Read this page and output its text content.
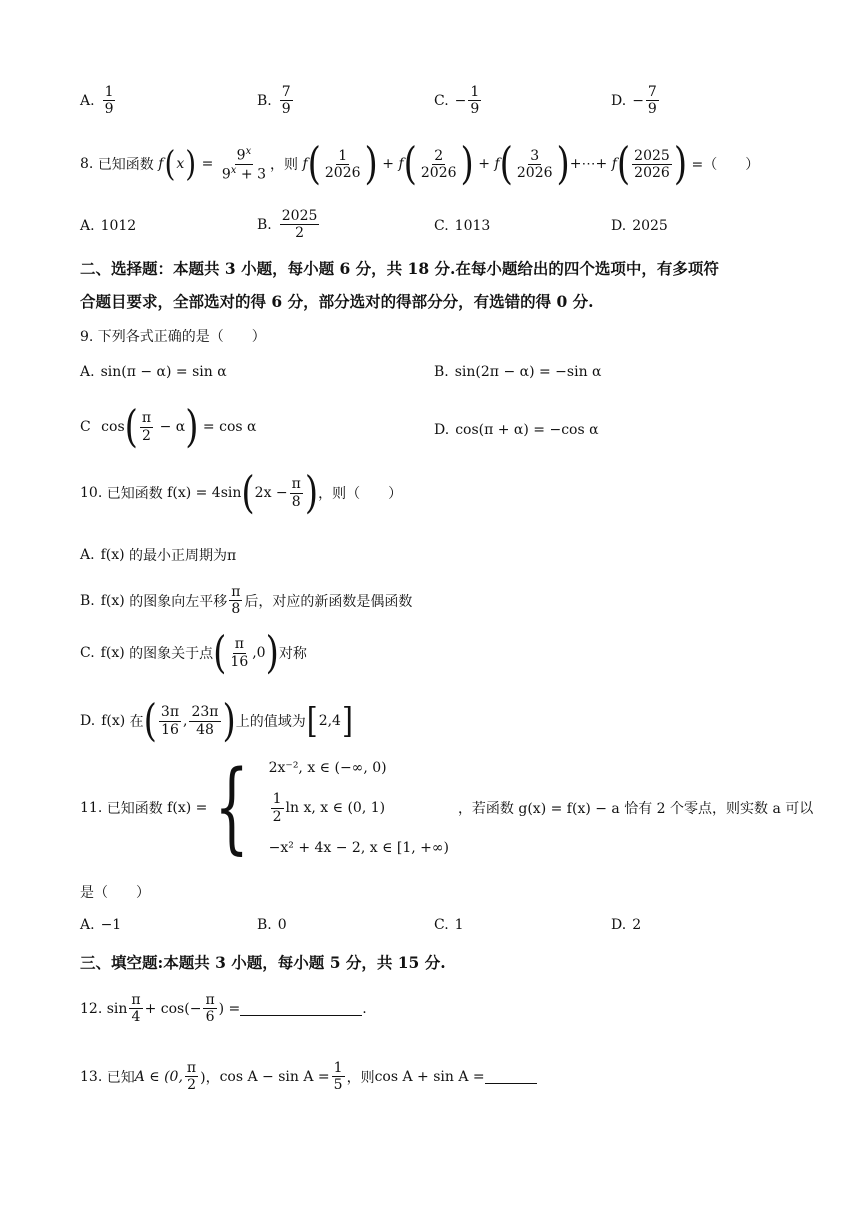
A. $\frac{1}{9}$	B. $\frac{7}{9}$	C. − $\frac{1}{9}$	D. − $\frac{7}{9}$
8.
已知函数
f ( x ) = $\frac{9^x}{9^x + 3}$ ，则
f ( $\frac{1}{2026}$ ) + f ( $\frac{2}{2026}$ ) + f ( $\frac{3}{2026}$ ) +⋯+
f ( $\frac{2025}{2026}$ )
=（　　）
A. 1012	B. $\frac{2025}{2}$	C. 1013	D. 2025
二、选择题：本题共 3 小题，每小题 6 分，共 18 分.在每小题给出的四个选项中，有多项符
合题目要求，全部选对的得 6 分，部分选对的得部分分，有选错的得 0 分.
9. 下列各式正确的是（　　）
A. sin(π − α) = sin α	B. sin(2π − α) = −sin α
C
cos ( $\frac{\pi}{2}$
− α )
= cos α	D. cos(π + α) = −cos α
10.
已知函数
f(x) = 4sin ( $2x - \frac{\pi}{8}$ ) ，则（　　）
A. f(x)
的最小正周期为π
B. f(x)
的图象向左平移 $\frac{\pi}{8}$ 后，对应的新函数是偶函数
C. f(x)
的图象关于点 ( $\frac{\pi}{16} ,0$ ) 对称
D. f(x)
在 ( $\frac{3\pi}{16}$ , $\frac{23\pi}{48}$ ) 上的值域为 [ 2,4 ]
11.
已知函数
f(x) = { 2x⁻², x ∈ (−∞, 0)
$\frac{1}{2}$ ln x, x ∈ (0, 1)
−x² + 4x − 2, x ∈ [1, +∞)

，若函数 g(x) = f(x) − a 恰有 2 个零点，则实数 a 可以
是（　　）
A. −1	B. 0	C. 1	D. 2
三、填空题:本题共 3 小题，每小题 5 分，共 15 分.
12.
$\sin \frac{\pi}{4} + \cos(- \frac{\pi}{6}$ ) =	.
13.
已知 A ∈ (0, $\frac{\pi}{2}$ )， $\cos A - \sin A = \frac{1}{5}$ ，则 cos A + sin A =
